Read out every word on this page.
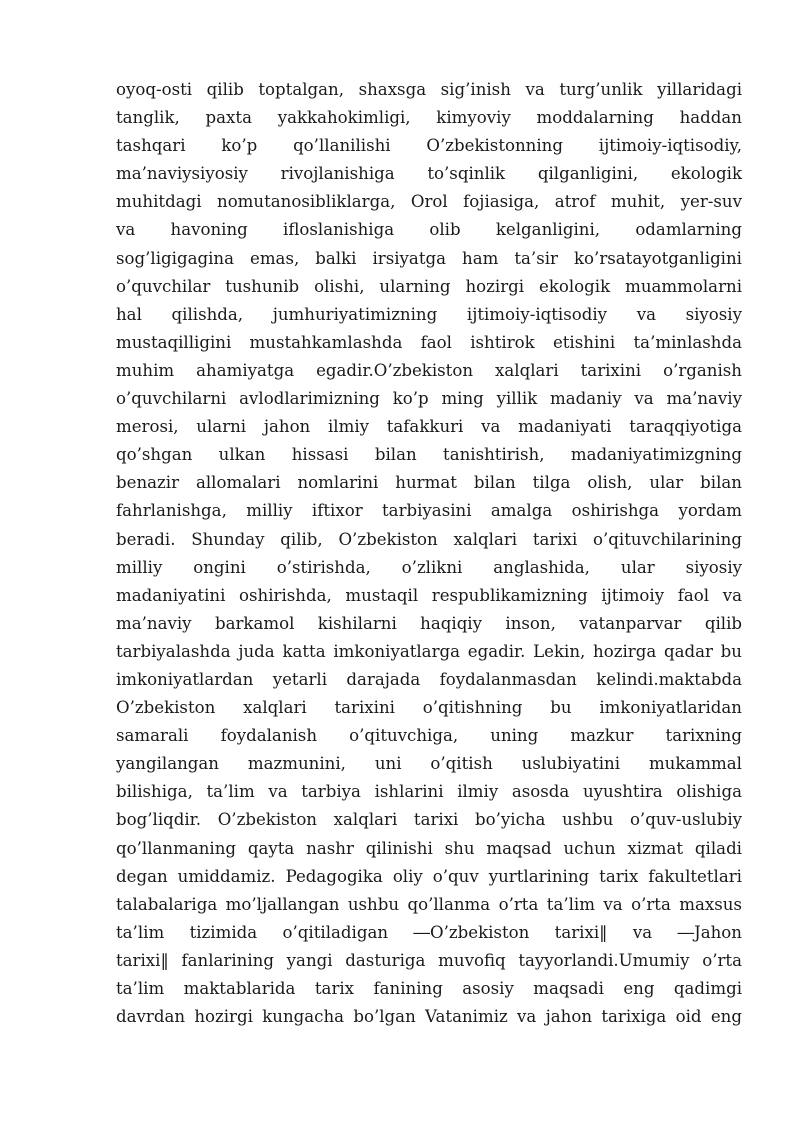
oyoq-osti qilib toptalgan, shaxsga sig’inish va turg’unlik yillaridagi
tanglik, paxta yakkahokimligi, kimyoviy moddalarning haddan
tashqari ko’p qo’llanilishi O’zbekistonning ijtimoiy-iqtisodiy,
ma’naviysiyosiy rivojlanishiga to’sqinlik qilganligini, ekologik
muhitdagi nomutanosibliklarga, Orol fojiasiga, atrof muhit, yer-suv
va havoning ifloslanishiga olib kelganligini, odamlarning
sog’ligigagina emas, balki irsiyatga ham ta’sir ko’rsatayotganligini
o’quvchilar tushunib olishi, ularning hozirgi ekologik muammolarni
hal qilishda, jumhuriyatimizning ijtimoiy-iqtisodiy va siyosiy
mustaqilligini mustahkamlashda faol ishtirok etishini ta’minlashda
muhim ahamiyatga egadir.O’zbekiston xalqlari tarixini o’rganish
o’quvchilarni avlodlarimizning ko’p ming yillik madaniy va ma’naviy
merosi, ularni jahon ilmiy tafakkuri va madaniyati taraqqiyotiga
qo’shgan ulkan hissasi bilan tanishtirish, madaniyatimizgning
benazir allomalari nomlarini hurmat bilan tilga olish, ular bilan
fahrlanishga, milliy iftixor tarbiyasini amalga oshirishga yordam
beradi. Shunday qilib, O’zbekiston xalqlari tarixi o’qituvchilarining
milliy ongini o’stirishda, o’zlikni anglashida, ular siyosiy
madaniyatini oshirishda, mustaqil respublikamizning ijtimoiy faol va
ma’naviy barkamol kishilarni haqiqiy inson, vatanparvar qilib
tarbiyalashda juda katta imkoniyatlarga egadir. Lekin, hozirga qadar bu
imkoniyatlardan yetarli darajada foydalanmasdan kelindi.maktabda
O’zbekiston xalqlari tarixini o’qitishning bu imkoniyatlaridan
samarali foydalanish o’qituvchiga, uning mazkur tarixning
yangilangan mazmunini, uni o’qitish uslubiyatini mukammal
bilishiga, ta’lim va tarbiya ishlarini ilmiy asosda uyushtira olishiga
bog’liqdir. O’zbekiston xalqlari tarixi bo’yicha ushbu o’quv-uslubiy
qo’llanmaning qayta nashr qilinishi shu maqsad uchun xizmat qiladi
degan umiddamiz. Pedagogika oliy o’quv yurtlarining tarix fakultetlari
talabalariga mo’ljallangan ushbu qo’llanma o’rta ta’lim va o’rta maxsus
ta’lim tizimida o’qitiladigan ―O’zbekiston tarixi‖ va ―Jahon
tarixi‖ fanlarining yangi dasturiga muvofiq tayyorlandi.Umumiy o’rta
ta’lim maktablarida tarix fanining asosiy maqsadi eng qadimgi
davrdan hozirgi kungacha bo’lgan Vatanimiz va jahon tarixiga oid eng
